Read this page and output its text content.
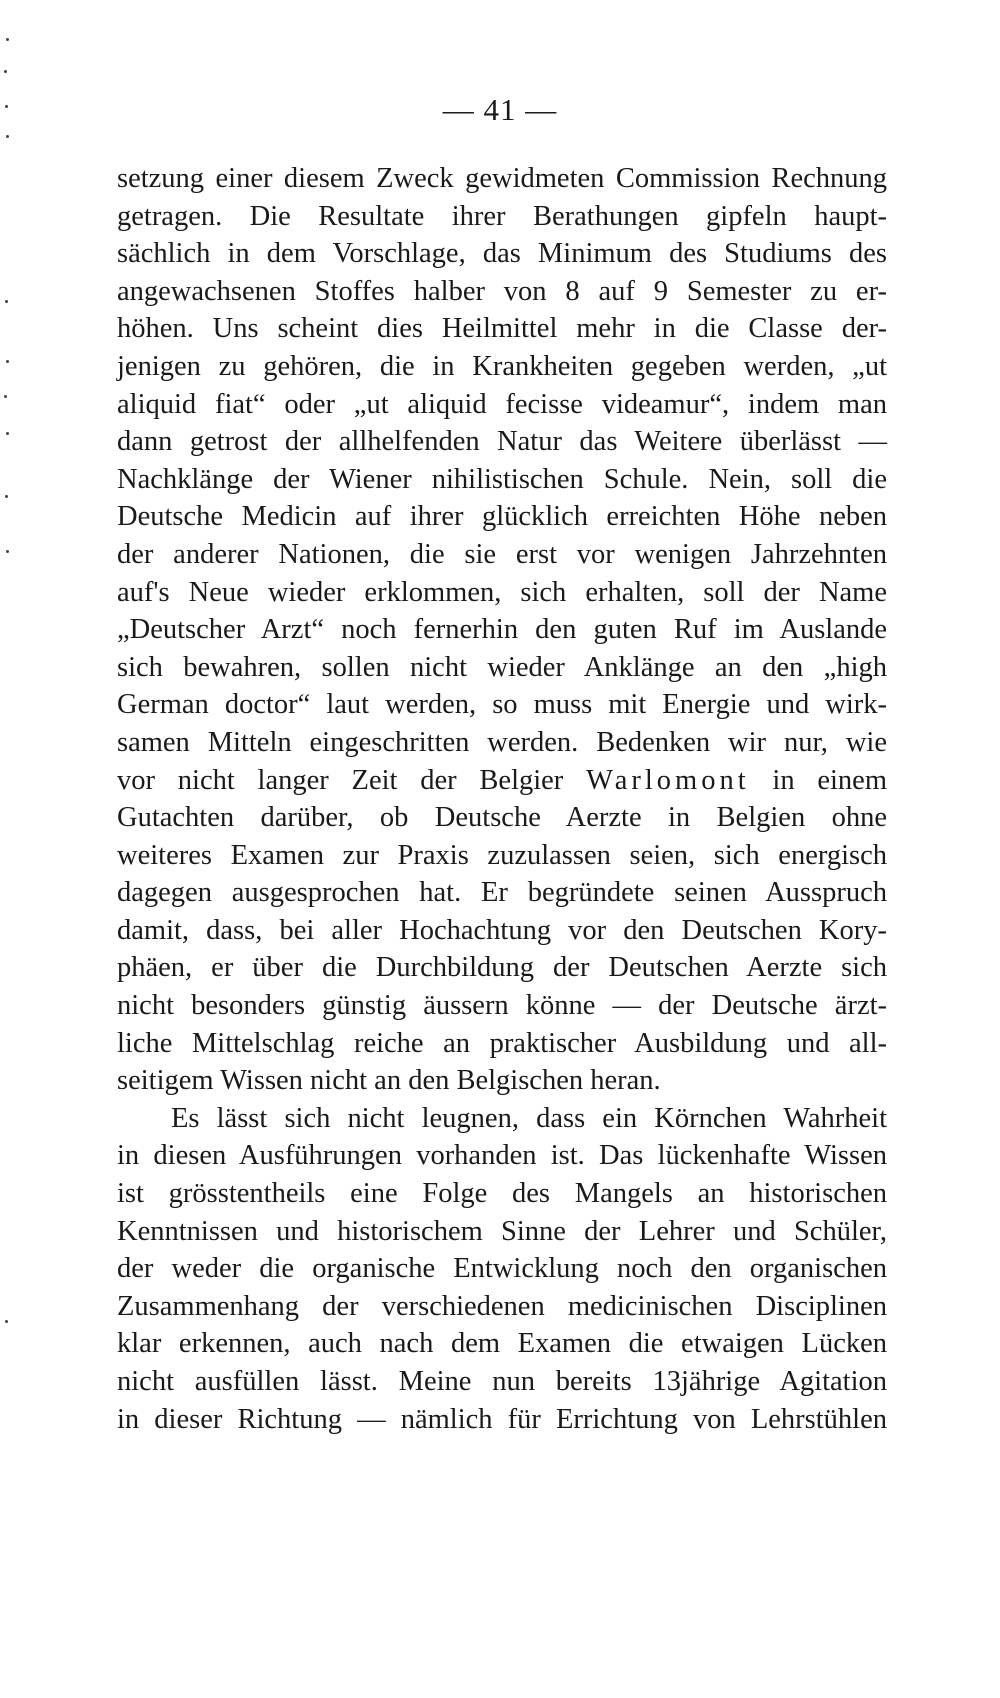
— 41 —
setzung einer diesem Zweck gewidmeten Commission Rechnung
getragen. Die Resultate ihrer Berathungen gipfeln haupt-
sächlich in dem Vorschlage, das Minimum des Studiums des
angewachsenen Stoffes halber von 8 auf 9 Semester zu er-
höhen. Uns scheint dies Heilmittel mehr in die Classe der-
jenigen zu gehören, die in Krankheiten gegeben werden, „ut
aliquid fiat“ oder „ut aliquid fecisse videamur“, indem man
dann getrost der allhelfenden Natur das Weitere überlässt —
Nachklänge der Wiener nihilistischen Schule. Nein, soll die
Deutsche Medicin auf ihrer glücklich erreichten Höhe neben
der anderer Nationen, die sie erst vor wenigen Jahrzehnten
auf's Neue wieder erklommen, sich erhalten, soll der Name
„Deutscher Arzt“ noch fernerhin den guten Ruf im Auslande
sich bewahren, sollen nicht wieder Anklänge an den „high
German doctor“ laut werden, so muss mit Energie und wirk-
samen Mitteln eingeschritten werden. Bedenken wir nur, wie
vor nicht langer Zeit der Belgier Warlomont in einem
Gutachten darüber, ob Deutsche Aerzte in Belgien ohne
weiteres Examen zur Praxis zuzulassen seien, sich energisch
dagegen ausgesprochen hat. Er begründete seinen Ausspruch
damit, dass, bei aller Hochachtung vor den Deutschen Kory-
phäen, er über die Durchbildung der Deutschen Aerzte sich
nicht besonders günstig äussern könne — der Deutsche ärzt-
liche Mittelschlag reiche an praktischer Ausbildung und all-
seitigem Wissen nicht an den Belgischen heran.
Es lässt sich nicht leugnen, dass ein Körnchen Wahrheit
in diesen Ausführungen vorhanden ist. Das lückenhafte Wissen
ist grösstentheils eine Folge des Mangels an historischen
Kenntnissen und historischem Sinne der Lehrer und Schüler,
der weder die organische Entwicklung noch den organischen
Zusammenhang der verschiedenen medicinischen Disciplinen
klar erkennen, auch nach dem Examen die etwaigen Lücken
nicht ausfüllen lässt. Meine nun bereits 13jährige Agitation
in dieser Richtung — nämlich für Errichtung von Lehrstühlen
